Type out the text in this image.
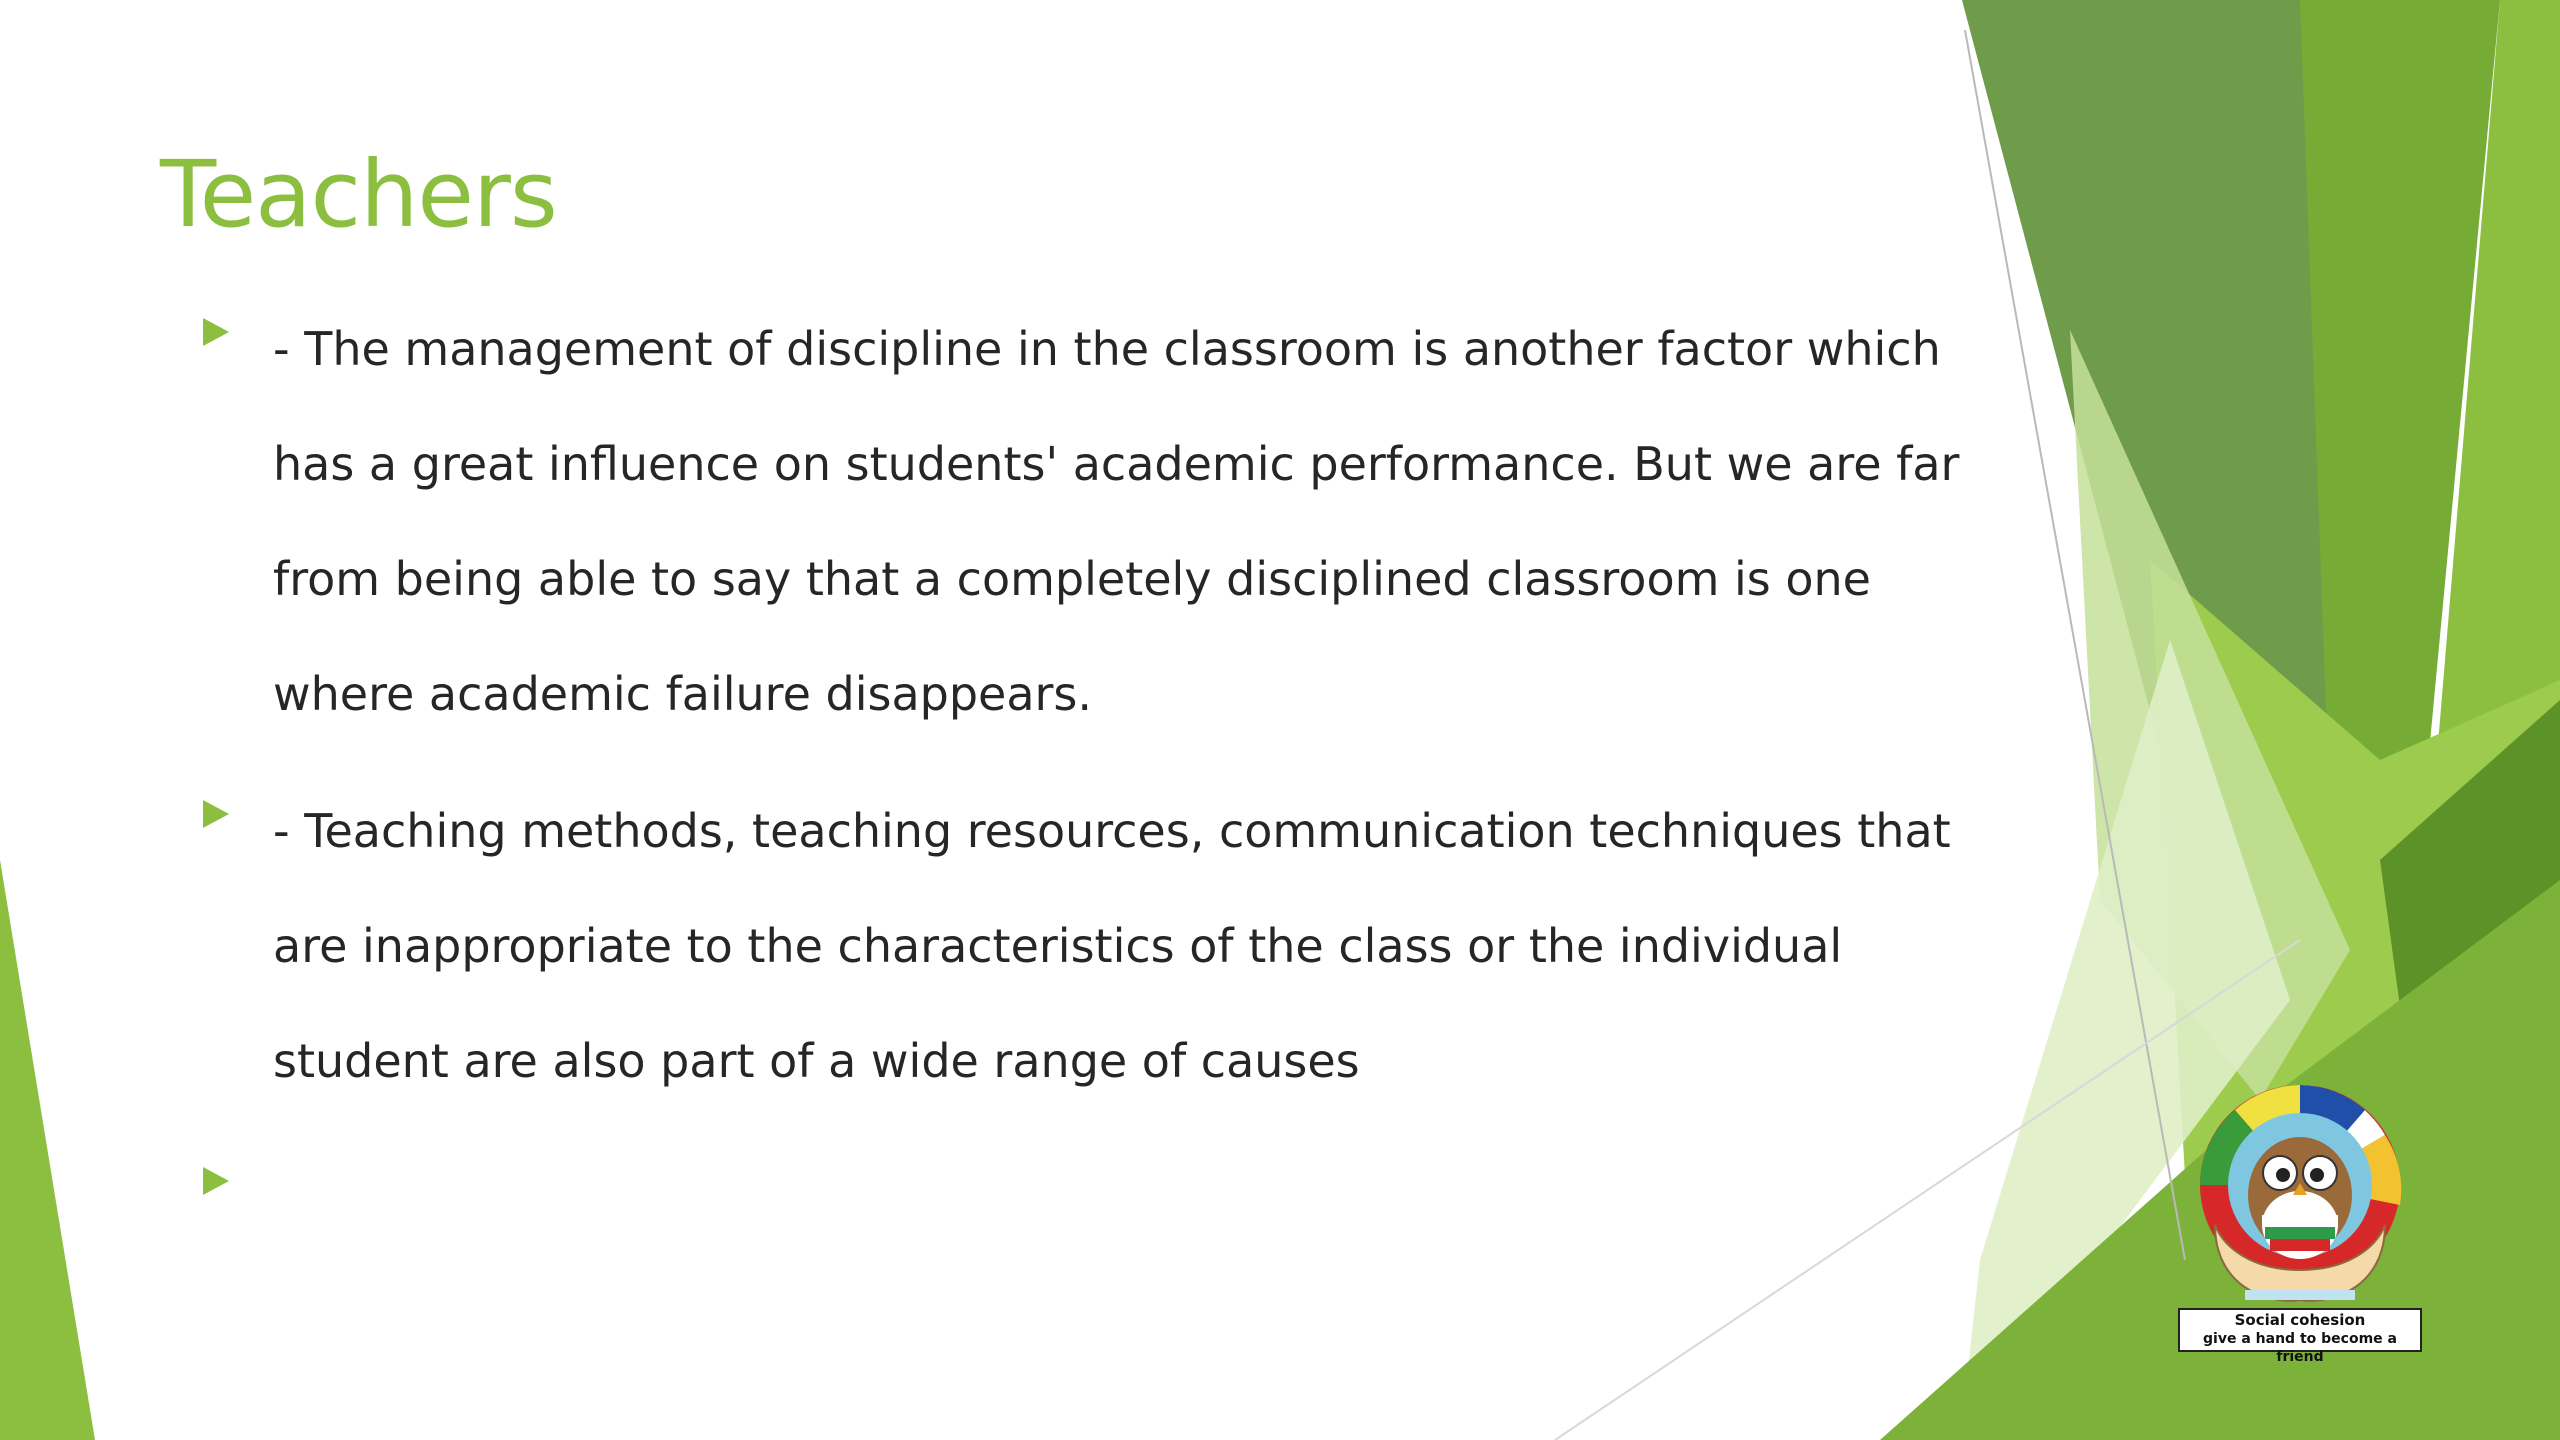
Teachers
- The management of discipline in the classroom is another factor which has a great influence on students' academic performance. But we are far from being able to say that a completely disciplined classroom is one where academic failure disappears.
- Teaching methods, teaching resources, communication techniques that are inappropriate to the characteristics of the class or the individual student are also part of a wide range of causes
Social cohesion
give a hand to become a friend
